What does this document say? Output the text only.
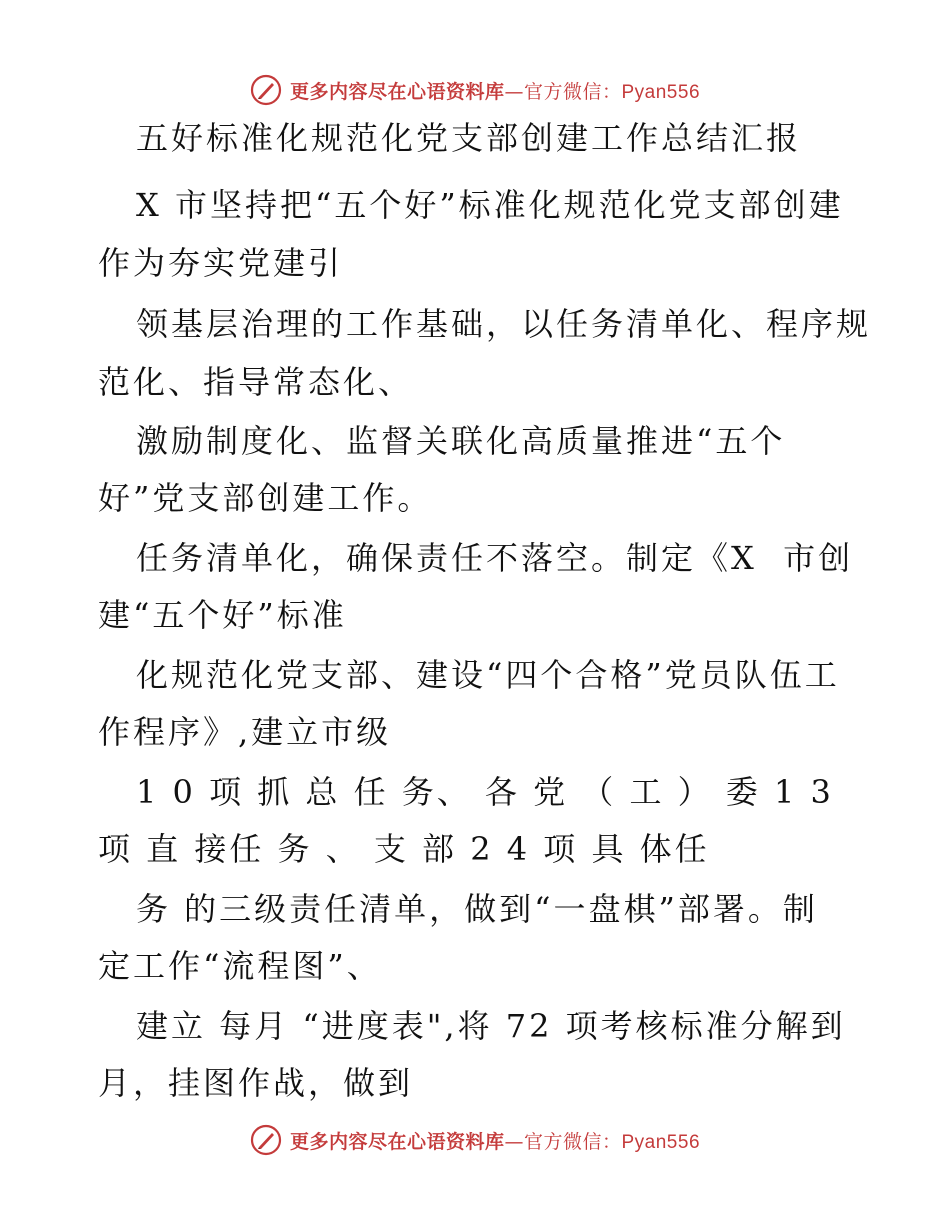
更多内容尽在心语资料库—官方微信：Pyan556
五好标准化规范化党支部创建工作总结汇报
X 市坚持把“五个好”标准化规范化党支部创建
作为夯实党建引
领基层治理的工作基础，以任务清单化、程序规
范化、指导常态化、
激励制度化、监督关联化高质量推进“五个
好”党支部创建工作。
任务清单化，确保责任不落空。制定《X  市创
建“五个好”标准
化规范化党支部、建设“四个合格”党员队伍工
作程序》,建立市级
1 0 项 抓 总 任 务、 各 党 （ 工 ） 委 1 3
项 直 接任 务 、 支 部 2 4 项 具 体任
务 的三级责任清单，做到“一盘棋”部署。制
定工作“流程图”、
建立 每月 “进度表",将 72 项考核标准分解到
月，挂图作战，做到
更多内容尽在心语资料库—官方微信：Pyan556
